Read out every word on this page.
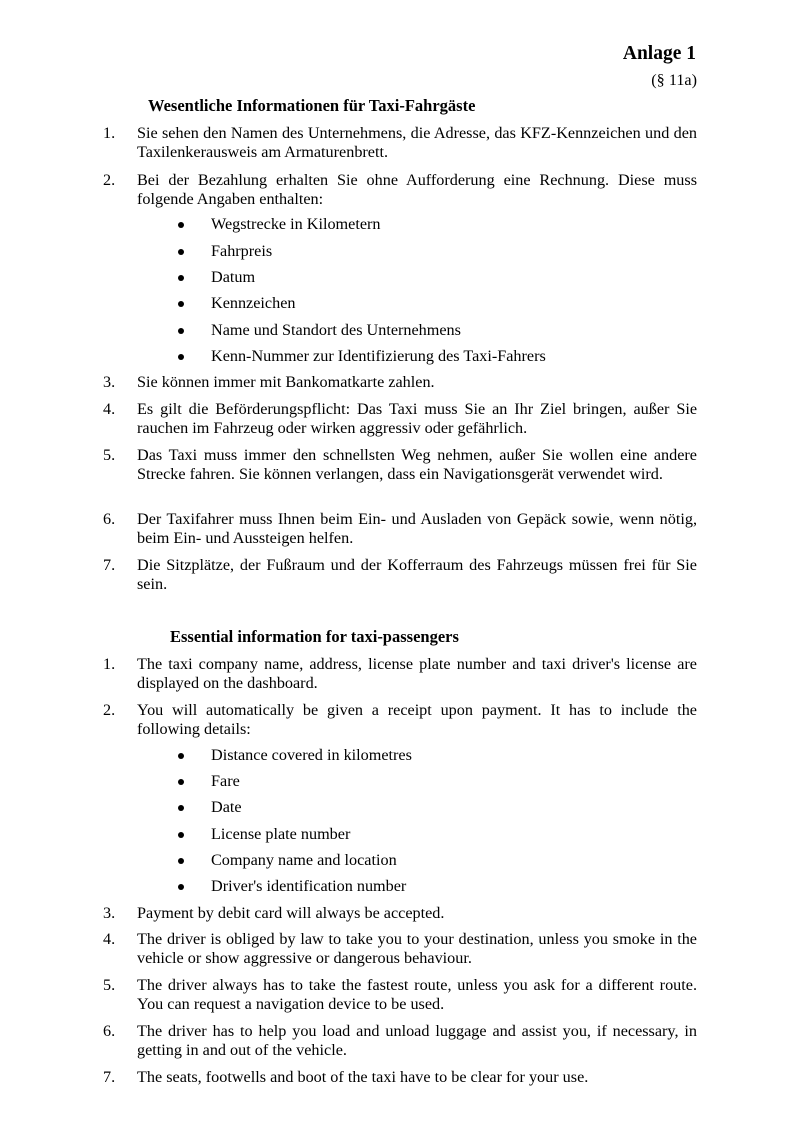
Anlage 1
(§ 11a)
Wesentliche Informationen für Taxi-Fahrgäste
1.	Sie sehen den Namen des Unternehmens, die Adresse, das KFZ-Kennzeichen und den Taxilenkerausweis am Armaturenbrett.
2.	Bei der Bezahlung erhalten Sie ohne Aufforderung eine Rechnung. Diese muss folgende Angaben enthalten:
Wegstrecke in Kilometern
Fahrpreis
Datum
Kennzeichen
Name und Standort des Unternehmens
Kenn-Nummer zur Identifizierung des Taxi-Fahrers
3.	Sie können immer mit Bankomatkarte zahlen.
4.	Es gilt die Beförderungspflicht: Das Taxi muss Sie an Ihr Ziel bringen, außer Sie rauchen im Fahrzeug oder wirken aggressiv oder gefährlich.
5.	Das Taxi muss immer den schnellsten Weg nehmen, außer Sie wollen eine andere Strecke fahren. Sie können verlangen, dass ein Navigationsgerät verwendet wird.
6.	Der Taxifahrer muss Ihnen beim Ein- und Ausladen von Gepäck sowie, wenn nötig, beim Ein- und Aussteigen helfen.
7.	Die Sitzplätze, der Fußraum und der Kofferraum des Fahrzeugs müssen frei für Sie sein.
Essential information for taxi-passengers
1.	The taxi company name, address, license plate number and taxi driver's license are displayed on the dashboard.
2.	You will automatically be given a receipt upon payment. It has to include the following details:
Distance covered in kilometres
Fare
Date
License plate number
Company name and location
Driver's identification number
3.	Payment by debit card will always be accepted.
4.	The driver is obliged by law to take you to your destination, unless you smoke in the vehicle or show aggressive or dangerous behaviour.
5.	The driver always has to take the fastest route, unless you ask for a different route. You can request a navigation device to be used.
6.	The driver has to help you load and unload luggage and assist you, if necessary, in getting in and out of the vehicle.
7.	The seats, footwells and boot of the taxi have to be clear for your use.
